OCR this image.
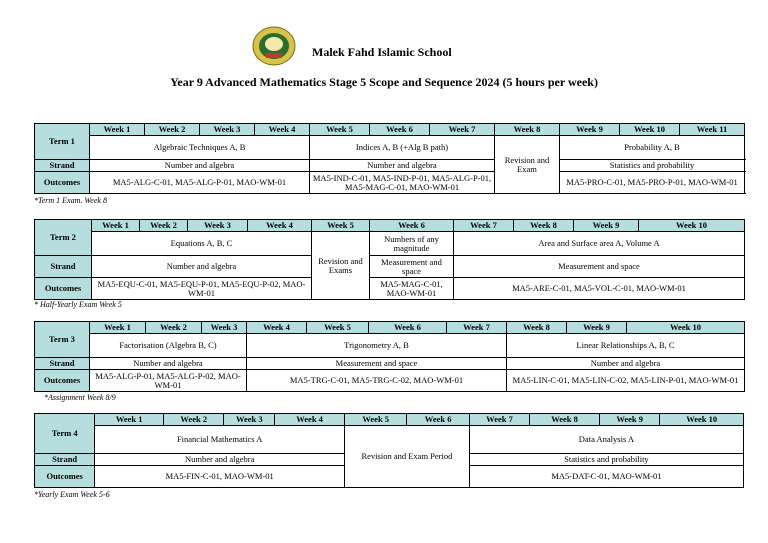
Malek Fahd Islamic School
Year 9 Advanced Mathematics Stage 5 Scope and Sequence 2024 (5 hours per week)
Term 1	Week 1	Week 2	Week 3	Week 4	Week 5	Week 6	Week 7	Week 8	Week 9	Week 10	Week 11
	Algebraic Techniques A, B				Indices A, B (+Alg B path)			Revision and Exam	Probability A, B		
Strand	Number and algebra				Number and algebra				Statistics and probability		
Outcomes	MA5-ALG-C-01, MA5-ALG-P-01, MAO-WM-01				MA5-IND-C-01, MA5-IND-P-01, MA5-ALG-P-01, MA5-MAG-C-01, MAO-WM-01				MA5-PRO-C-01, MA5-PRO-P-01, MAO-WM-01		
*Term 1 Exam. Week 8
Term 2	Week 1	Week 2	Week 3	Week 4	Week 5	Week 6	Week 7	Week 8	Week 9	Week 10
	Equations A, B, C				Revision and Exams	Numbers of any magnitude	Area and Surface area A, Volume A			
Strand	Number and algebra					Measurement and space	Measurement and space			
Outcomes	MA5-EQU-C-01, MA5-EQU-P-01, MA5-EQU-P-02, MAO-WM-01					MA5-MAG-C-01, MAO-WM-01	MA5-ARE-C-01, MA5-VOL-C-01, MAO-WM-01			
* Half-Yearly Exam Week 5
Term 3	Week 1	Week 2	Week 3	Week 4	Week 5	Week 6	Week 7	Week 8	Week 9	Week 10
	Factorisation (Algebra B, C)			Trigonometry A, B				Linear Relationships A, B, C		
Strand	Number and algebra			Measurement and space				Number and algebra		
Outcomes	MA5-ALG-P-01, MA5-ALG-P-02, MAO-WM-01			MA5-TRG-C-01, MA5-TRG-C-02, MAO-WM-01				MA5-LIN-C-01, MA5-LIN-C-02, MA5-LIN-P-01, MAO-WM-01		
*Assignment Week 8/9
Term 4	Week 1	Week 2	Week 3	Week 4	Week 5	Week 6	Week 7	Week 8	Week 9	Week 10
	Financial Mathematics A				Revision and Exam Period		Data Analysis A			
Strand	Number and algebra						Statistics and probability			
Outcomes	MA5-FIN-C-01, MAO-WM-01						MA5-DAT-C-01, MAO-WM-01			
*Yearly Exam Week 5-6
